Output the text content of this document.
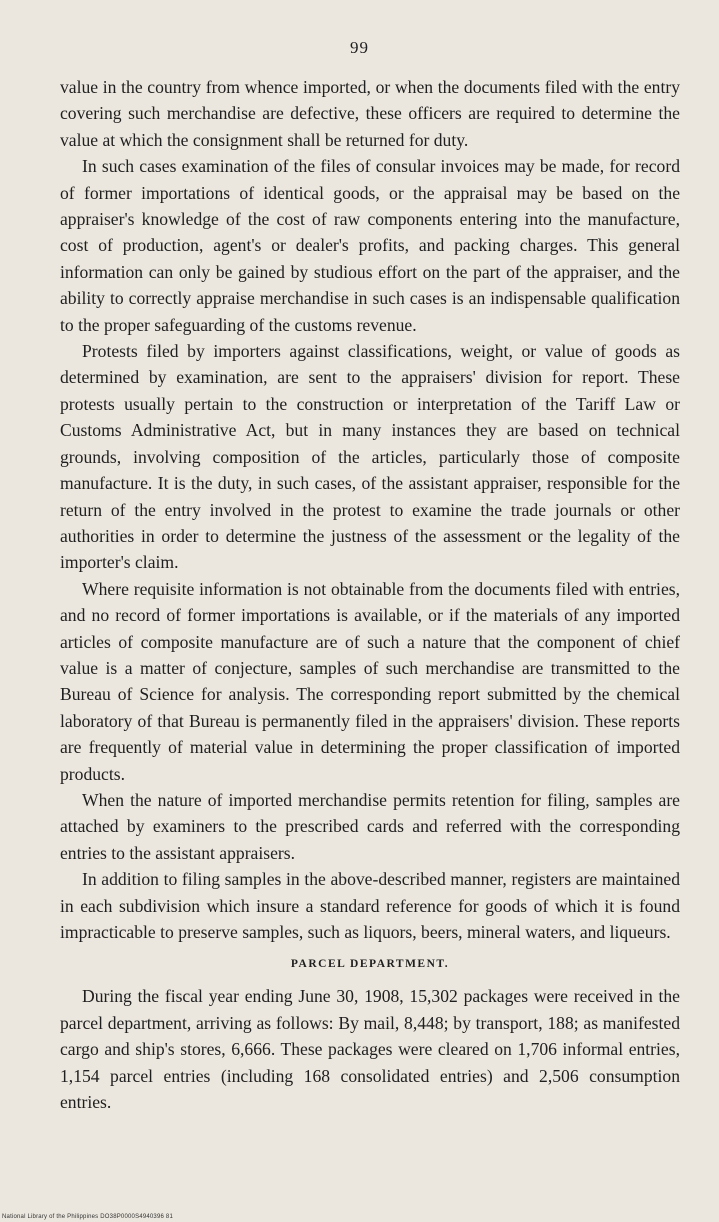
99

value in the country from whence imported, or when the documents filed with the entry covering such merchandise are defective, these officers are required to determine the value at which the consignment shall be returned for duty.

In such cases examination of the files of consular invoices may be made, for record of former importations of identical goods, or the appraisal may be based on the appraiser's knowledge of the cost of raw components entering into the manufacture, cost of production, agent's or dealer's profits, and packing charges. This general information can only be gained by studious effort on the part of the appraiser, and the ability to correctly appraise merchandise in such cases is an indispensable qualification to the proper safeguarding of the customs revenue.

Protests filed by importers against classifications, weight, or value of goods as determined by examination, are sent to the appraisers' division for report. These protests usually pertain to the construction or interpretation of the Tariff Law or Customs Administrative Act, but in many instances they are based on technical grounds, involving composition of the articles, particularly those of composite manufacture. It is the duty, in such cases, of the assistant appraiser, responsible for the return of the entry involved in the protest to examine the trade journals or other authorities in order to determine the justness of the assessment or the legality of the importer's claim.

Where requisite information is not obtainable from the documents filed with entries, and no record of former importations is available, or if the materials of any imported articles of composite manufacture are of such a nature that the component of chief value is a matter of conjecture, samples of such merchandise are transmitted to the Bureau of Science for analysis. The corresponding report submitted by the chemical laboratory of that Bureau is permanently filed in the appraisers' division. These reports are frequently of material value in determining the proper classification of imported products.

When the nature of imported merchandise permits retention for filing, samples are attached by examiners to the prescribed cards and referred with the corresponding entries to the assistant appraisers.

In addition to filing samples in the above-described manner, registers are maintained in each subdivision which insure a standard reference for goods of which it is found impracticable to preserve samples, such as liquors, beers, mineral waters, and liqueurs.

PARCEL DEPARTMENT.

During the fiscal year ending June 30, 1908, 15,302 packages were received in the parcel department, arriving as follows: By mail, 8,448; by transport, 188; as manifested cargo and ship's stores, 6,666. These packages were cleared on 1,706 informal entries, 1,154 parcel entries (including 168 consolidated entries) and 2,506 consumption entries.

National Library of the Philippines DO38P0000S4940396 81
